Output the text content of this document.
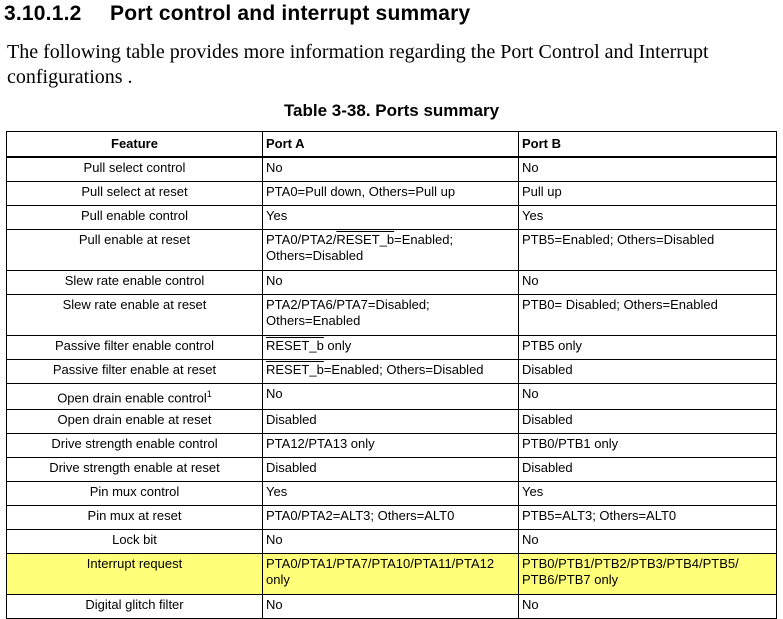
3.10.1.2 Port control and interrupt summary
The following table provides more information regarding the Port Control and Interrupt configurations .
Table 3-38. Ports summary
Feature	Port A	Port B
Pull select control	No	No
Pull select at reset	PTA0=Pull down, Others=Pull up	Pull up
Pull enable control	Yes	Yes
Pull enable at reset	PTA0/PTA2/RESET_b=Enabled; Others=Disabled	PTB5=Enabled; Others=Disabled
Slew rate enable control	No	No
Slew rate enable at reset	PTA2/PTA6/PTA7=Disabled; Others=Enabled	PTB0= Disabled; Others=Enabled
Passive filter enable control	RESET_b only	PTB5 only
Passive filter enable at reset	RESET_b=Enabled; Others=Disabled	Disabled
Open drain enable control$^1$	No	No
Open drain enable at reset	Disabled	Disabled
Drive strength enable control	PTA12/PTA13 only	PTB0/PTB1 only
Drive strength enable at reset	Disabled	Disabled
Pin mux control	Yes	Yes
Pin mux at reset	PTA0/PTA2=ALT3; Others=ALT0	PTB5=ALT3; Others=ALT0
Lock bit	No	No
Interrupt request	PTA0/PTA1/PTA7/PTA10/PTA11/PTA12 only	PTB0/PTB1/PTB2/PTB3/PTB4/PTB5/ PTB6/PTB7 only
Digital glitch filter	No	No
